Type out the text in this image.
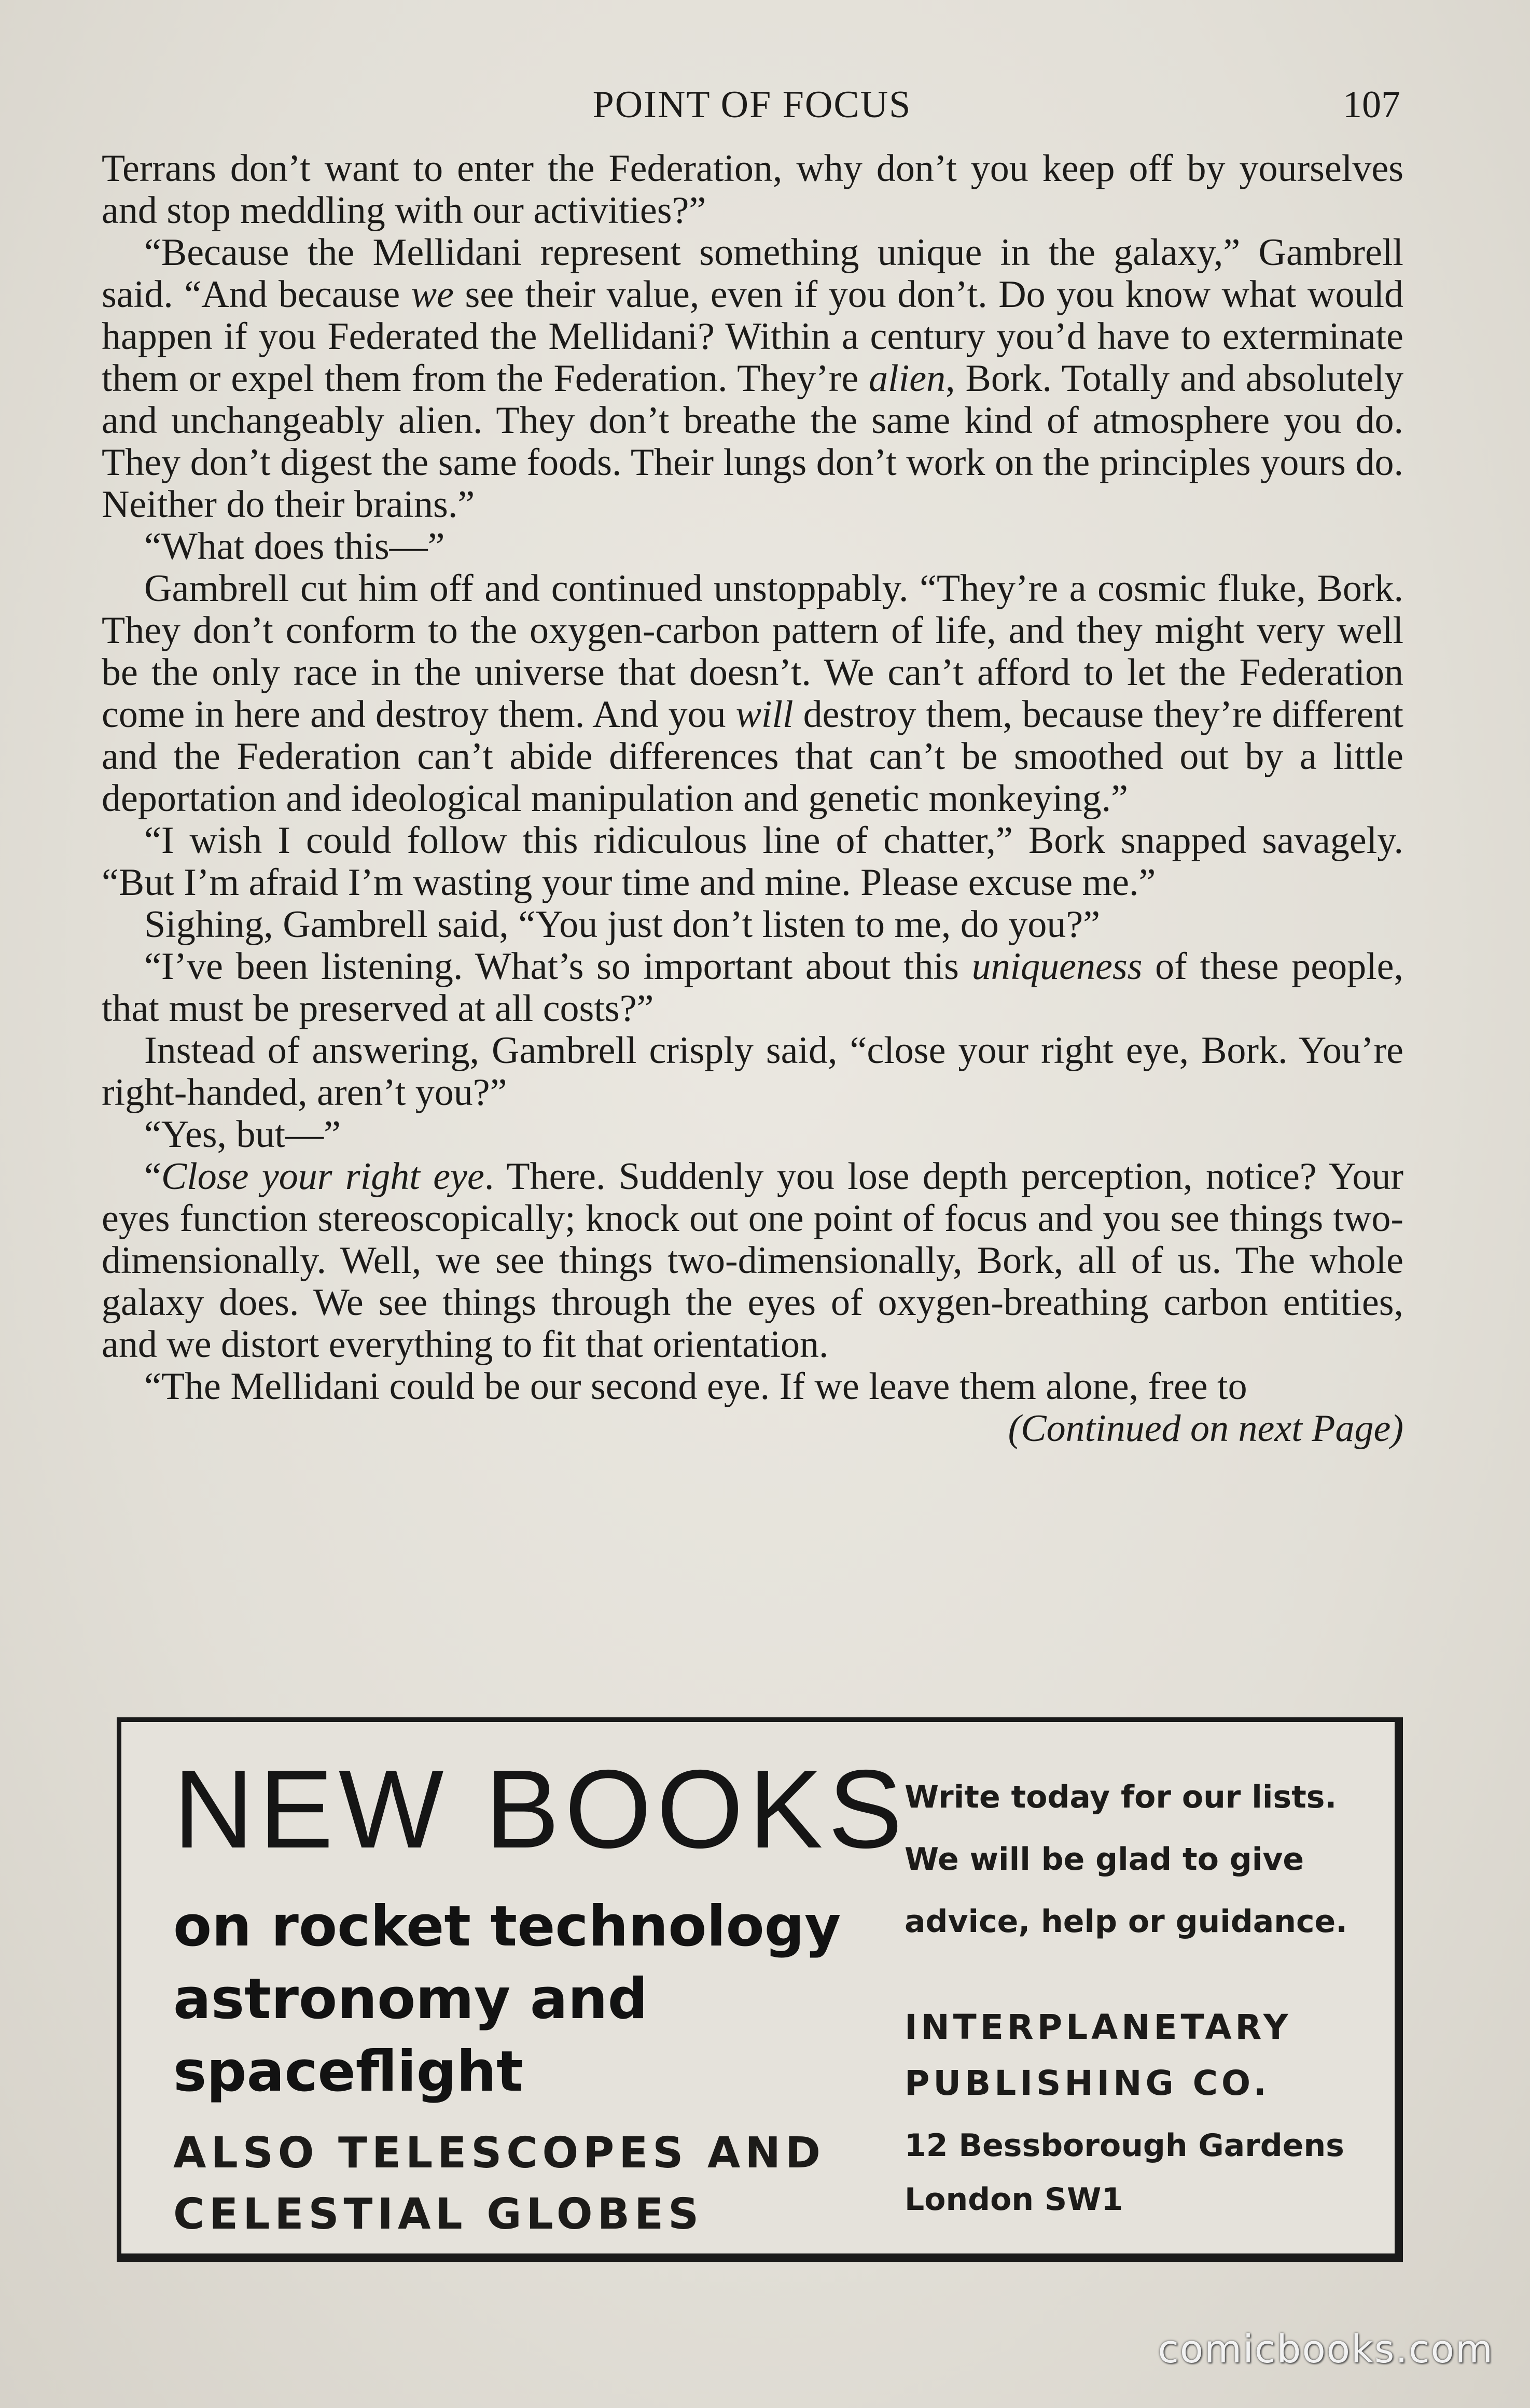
POINT OF FOCUS	107

Terrans don’t want to enter the Federation, why don’t you keep off by yourselves and stop meddling with our activities?”

“Because the Mellidani represent something unique in the galaxy,” Gambrell said. “And because we see their value, even if you don’t. Do you know what would happen if you Federated the Mellidani? Within a century you’d have to exterminate them or expel them from the Federation. They’re alien, Bork. Totally and absolutely and unchangeably alien. They don’t breathe the same kind of atmosphere you do. They don’t digest the same foods. Their lungs don’t work on the principles yours do. Neither do their brains.”

“What does this—”

Gambrell cut him off and continued unstoppably. “They’re a cosmic fluke, Bork. They don’t conform to the oxygen-carbon pattern of life, and they might very well be the only race in the universe that doesn’t. We can’t afford to let the Federation come in here and destroy them. And you will destroy them, because they’re different and the Federation can’t abide differences that can’t be smoothed out by a little deportation and ideological manipulation and genetic monkeying.”

“I wish I could follow this ridiculous line of chatter,” Bork snapped savagely. “But I’m afraid I’m wasting your time and mine. Please excuse me.”

Sighing, Gambrell said, “You just don’t listen to me, do you?”

“I’ve been listening. What’s so important about this uniqueness of these people, that must be preserved at all costs?”

Instead of answering, Gambrell crisply said, “close your right eye, Bork. You’re right-handed, aren’t you?”

“Yes, but—”

“Close your right eye. There. Suddenly you lose depth perception, notice? Your eyes function stereoscopically; knock out one point of focus and you see things two-dimensionally. Well, we see things two-dimensionally, Bork, all of us. The whole galaxy does. We see things through the eyes of oxygen-breathing carbon entities, and we distort everything to fit that orientation.

“The Mellidani could be our second eye. If we leave them alone, free to

(Continued on next Page)

NEW BOOKS
on rocket technology
astronomy and
spaceflight
ALSO TELESCOPES AND
CELESTIAL GLOBES
Write today for our lists.
We will be glad to give
advice, help or guidance.
INTERPLANETARY
PUBLISHING CO.
12 Bessborough Gardens
London SW1
comicbooks.com
